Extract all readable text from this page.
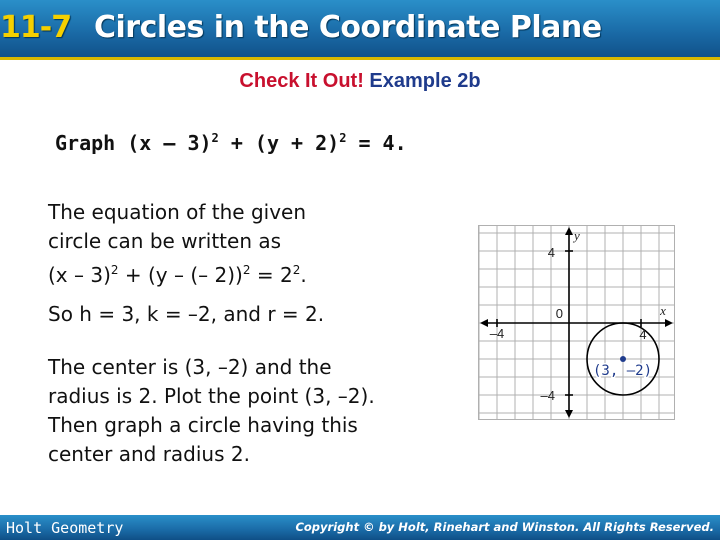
11-7 Circles in the Coordinate Plane
Check It Out! Example 2b
Graph $(x - 3)^2 + (y + 2)^2 = 4$.
The equation of the given
circle can be written as
(x – 3)$^2$ + (y – (– $2))^2 = 2^2$.
So h = 3, k = –2, and r = 2.
The center is (3, –2) and the
radius is 2. Plot the point (3, –2).
Then graph a circle having this
center and radius 2.
4
–4
–4	4
0	x
y
(3, –2)
Holt Geometry	Copyright © by Holt, Rinehart and Winston. All Rights Reserved.
